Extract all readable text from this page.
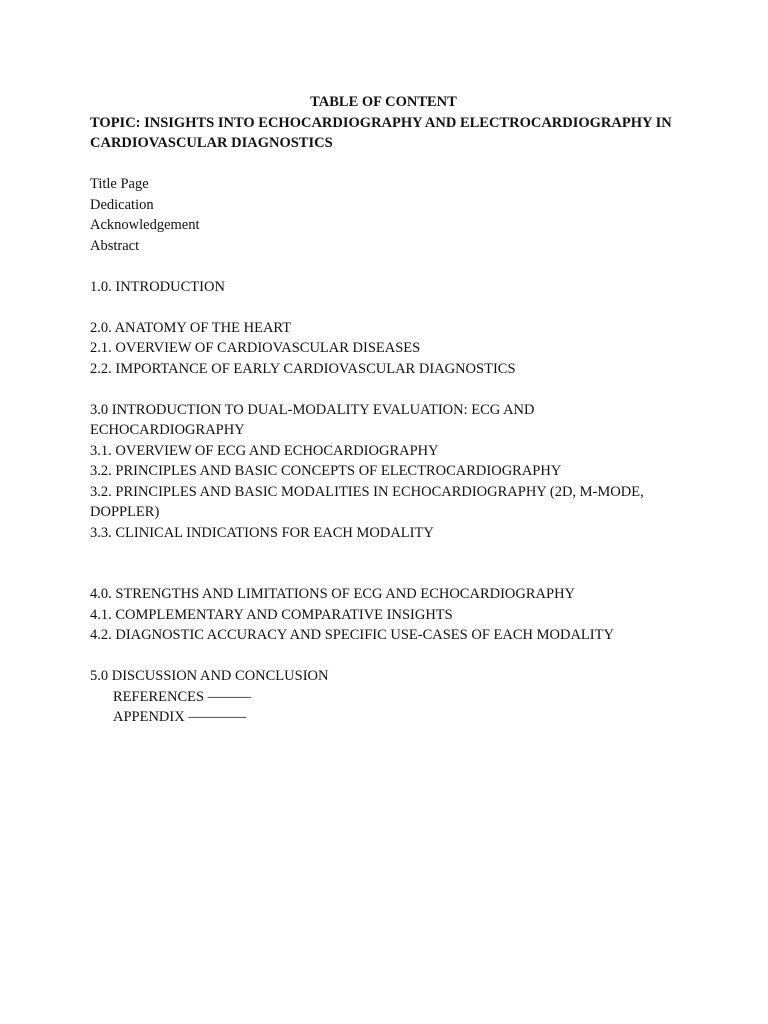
TABLE OF CONTENT
TOPIC: INSIGHTS INTO ECHOCARDIOGRAPHY AND ELECTROCARDIOGRAPHY IN CARDIOVASCULAR DIAGNOSTICS
Title Page
Dedication
Acknowledgement
Abstract
1.0. INTRODUCTION
2.0. ANATOMY OF THE HEART
2.1. OVERVIEW OF CARDIOVASCULAR DISEASES
2.2. IMPORTANCE OF EARLY CARDIOVASCULAR DIAGNOSTICS
3.0 INTRODUCTION TO DUAL-MODALITY EVALUATION: ECG AND ECHOCARDIOGRAPHY
3.1. OVERVIEW OF ECG AND ECHOCARDIOGRAPHY
3.2. PRINCIPLES AND BASIC CONCEPTS OF ELECTROCARDIOGRAPHY
3.2. PRINCIPLES AND BASIC MODALITIES IN ECHOCARDIOGRAPHY (2D, M-MODE, DOPPLER)
3.3. CLINICAL INDICATIONS FOR EACH MODALITY
4.0. STRENGTHS AND LIMITATIONS OF ECG AND ECHOCARDIOGRAPHY
4.1. COMPLEMENTARY AND COMPARATIVE INSIGHTS
4.2. DIAGNOSTIC ACCURACY AND SPECIFIC USE-CASES OF EACH MODALITY
5.0 DISCUSSION AND CONCLUSION
REFERENCES ———
APPENDIX ————
